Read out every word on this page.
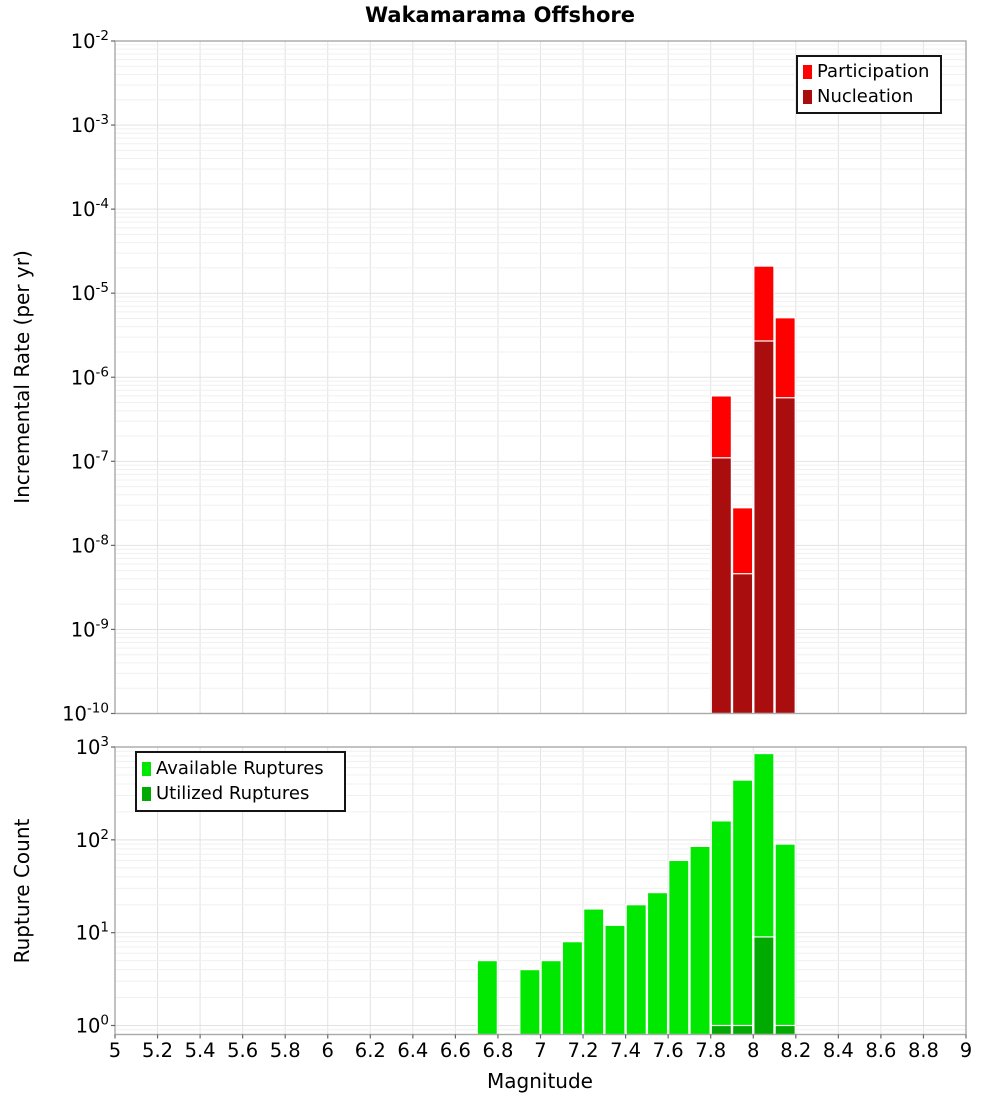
$10^{-2}$
$10^{-3}$
$10^{-4}$
$10^{-5}$
$10^{-6}$
$10^{-7}$
$10^{-8}$
$10^{-9}$
$10^{-10}$
$10^3$
$10^2$
$10^1$
$10^0$
5 5.2 5.4 5.6 5.8 6 6.2 6.4 6.6 6.8 7 7.2 7.4 7.6 7.8 8 8.2 8.4 8.6 8.8 9
Wakamarama Offshore
Incremental Rate (per yr)
Rupture Count
Magnitude
Participation
Nucleation
Available Ruptures
Utilized Ruptures
